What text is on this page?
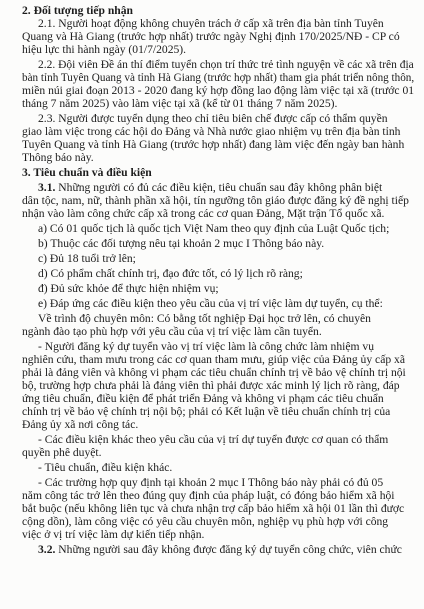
2. Đối tượng tiếp nhận
2.1. Người hoạt động không chuyên trách ở cấp xã trên địa bàn tỉnh Tuyên
Quang và Hà Giang (trước hợp nhất) trước ngày Nghị định 170/2025/NĐ - CP có
hiệu lực thi hành ngày (01/7/2025).
2.2. Đội viên Đề án thí điểm tuyển chọn trí thức trẻ tình nguyện về các xã trên địa
bàn tỉnh Tuyên Quang và tỉnh Hà Giang (trước hợp nhất) tham gia phát triển nông thôn,
miền núi giai đoạn 2013 - 2020 đang ký hợp đồng lao động làm việc tại xã (trước 01
tháng 7 năm 2025) vào làm việc tại xã (kể từ 01 tháng 7 năm 2025).
2.3. Người được tuyển dụng theo chỉ tiêu biên chế được cấp có thẩm quyền
giao làm việc trong các hội do Đảng và Nhà nước giao nhiệm vụ trên địa bàn tỉnh
Tuyên Quang và tỉnh Hà Giang (trước hợp nhất) đang làm việc đến ngày ban hành
Thông báo này.
3. Tiêu chuẩn và điều kiện
3.1. Những người có đủ các điều kiện, tiêu chuẩn sau đây không phân biệt
dân tộc, nam, nữ, thành phần xã hội, tín ngưỡng tôn giáo được đăng ký đề nghị tiếp
nhận vào làm công chức cấp xã trong các cơ quan Đảng, Mặt trận Tổ quốc xã.
a) Có 01 quốc tịch là quốc tịch Việt Nam theo quy định của Luật Quốc tịch;
b) Thuộc các đối tượng nêu tại khoản 2 mục I Thông báo này.
c) Đủ 18 tuổi trở lên;
d) Có phẩm chất chính trị, đạo đức tốt, có lý lịch rõ ràng;
đ) Đủ sức khỏe để thực hiện nhiệm vụ;
e) Đáp ứng các điều kiện theo yêu cầu của vị trí việc làm dự tuyển, cụ thể:
Về trình độ chuyên môn: Có bằng tốt nghiệp Đại học trở lên, có chuyên
ngành đào tạo phù hợp với yêu cầu của vị trí việc làm cần tuyển.
- Người đăng ký dự tuyển vào vị trí việc làm là công chức làm nhiệm vụ
nghiên cứu, tham mưu trong các cơ quan tham mưu, giúp việc của Đảng ủy cấp xã
phải là đảng viên và không vi phạm các tiêu chuẩn chính trị về bảo vệ chính trị nội
bộ, trường hợp chưa phải là đảng viên thì phải được xác minh lý lịch rõ ràng, đáp
ứng tiêu chuẩn, điều kiện để phát triển Đảng và không vi phạm các tiêu chuẩn
chính trị về bảo vệ chính trị nội bộ; phải có Kết luận về tiêu chuẩn chính trị của
Đảng ủy xã nơi công tác.
- Các điều kiện khác theo yêu cầu của vị trí dự tuyển được cơ quan có thẩm
quyền phê duyệt.
- Tiêu chuẩn, điều kiện khác.
- Các trường hợp quy định tại khoản 2 mục I Thông báo này phải có đủ 05
năm công tác trở lên theo đúng quy định của pháp luật, có đóng bảo hiểm xã hội
bắt buộc (nếu không liên tục và chưa nhận trợ cấp bảo hiểm xã hội 01 lần thì được
cộng dồn), làm công việc có yêu cầu chuyên môn, nghiệp vụ phù hợp với công
việc ở vị trí việc làm dự kiến tiếp nhận.
3.2. Những người sau đây không được đăng ký dự tuyển công chức, viên chức
